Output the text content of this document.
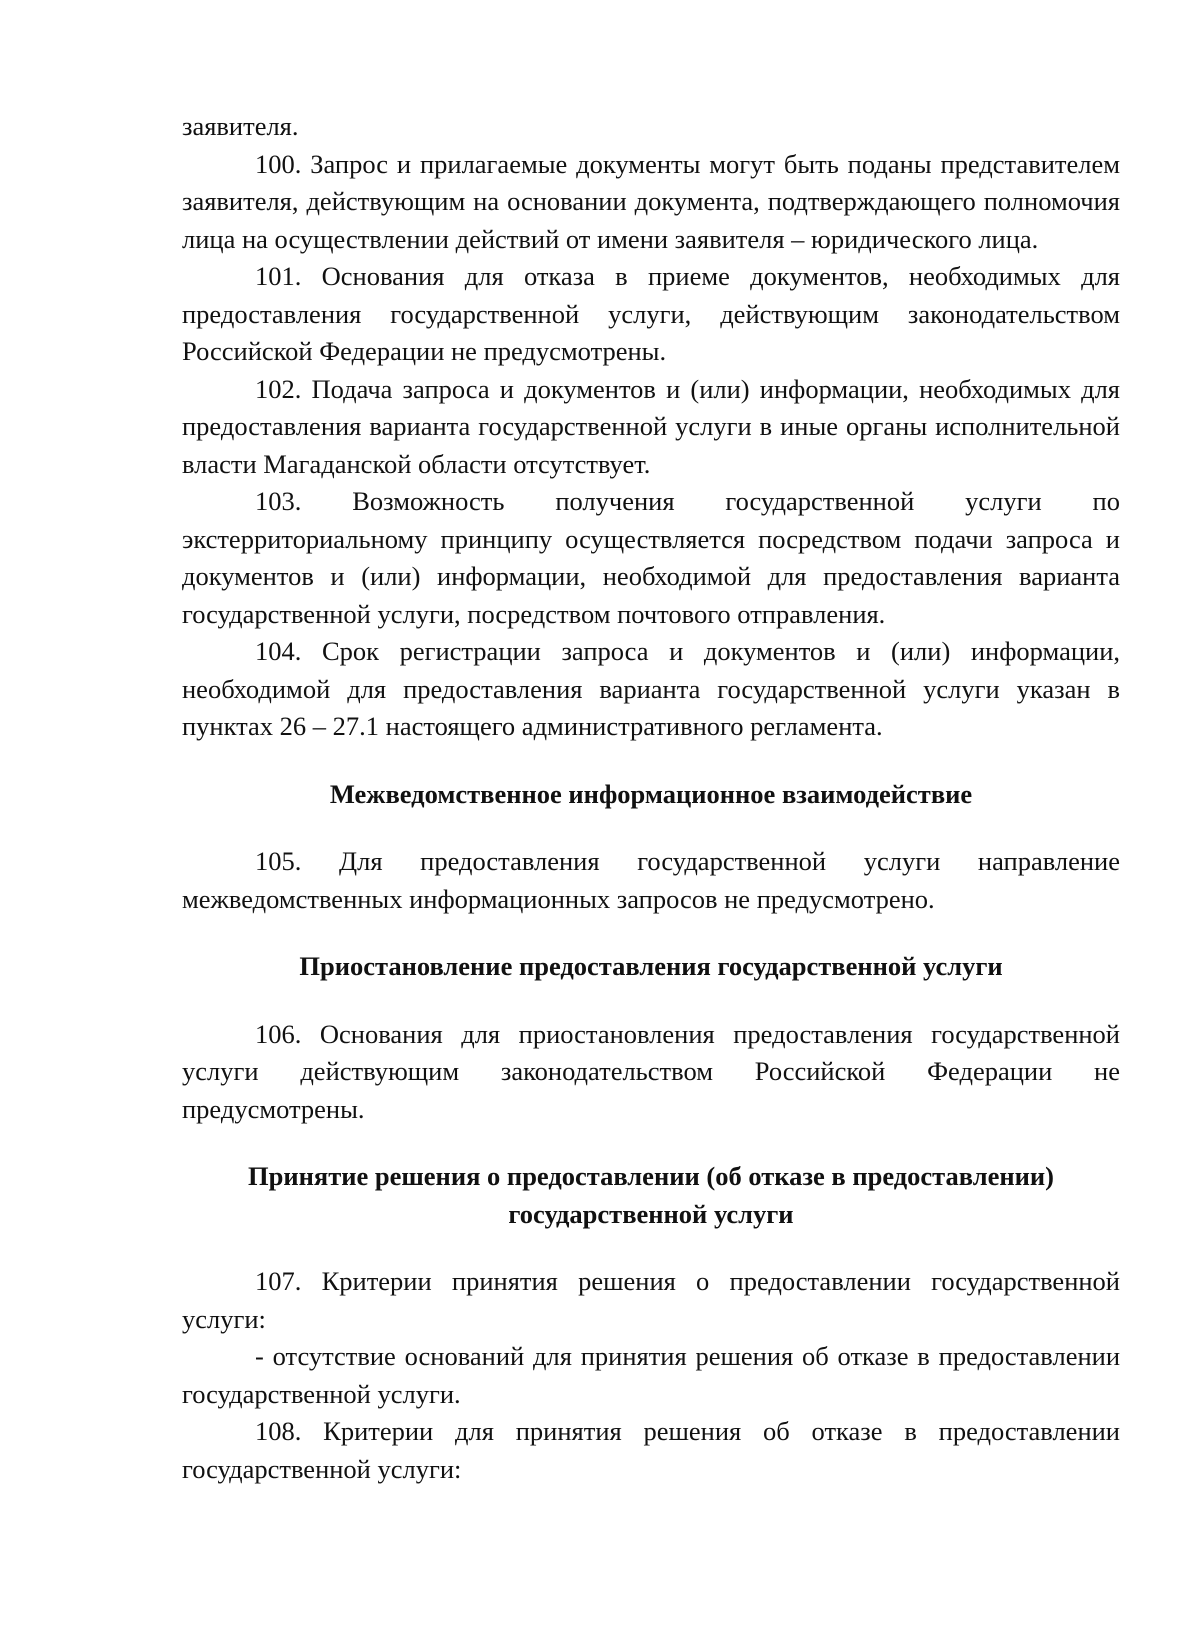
заявителя.

100. Запрос и прилагаемые документы могут быть поданы представителем заявителя, действующим на основании документа, подтверждающего полномочия лица на осуществлении действий от имени заявителя – юридического лица.

101. Основания для отказа в приеме документов, необходимых для предоставления государственной услуги, действующим законодательством Российской Федерации не предусмотрены.

102. Подача запроса и документов и (или) информации, необходимых для предоставления варианта государственной услуги в иные органы исполнительной власти Магаданской области отсутствует.

103. Возможность получения государственной услуги по экстерриториальному принципу осуществляется посредством подачи запроса и документов и (или) информации, необходимой для предоставления варианта государственной услуги, посредством почтового отправления.

104. Срок регистрации запроса и документов и (или) информации, необходимой для предоставления варианта государственной услуги указан в пунктах 26 – 27.1 настоящего административного регламента.

Межведомственное информационное взаимодействие

105. Для предоставления государственной услуги направление межведомственных информационных запросов не предусмотрено.

Приостановление предоставления государственной услуги

106. Основания для приостановления предоставления государственной услуги действующим законодательством Российской Федерации не предусмотрены.

Принятие решения о предоставлении (об отказе в предоставлении) государственной услуги

107. Критерии принятия решения о предоставлении государственной услуги:

- отсутствие оснований для принятия решения об отказе в предоставлении государственной услуги.

108. Критерии для принятия решения об отказе в предоставлении государственной услуги:
